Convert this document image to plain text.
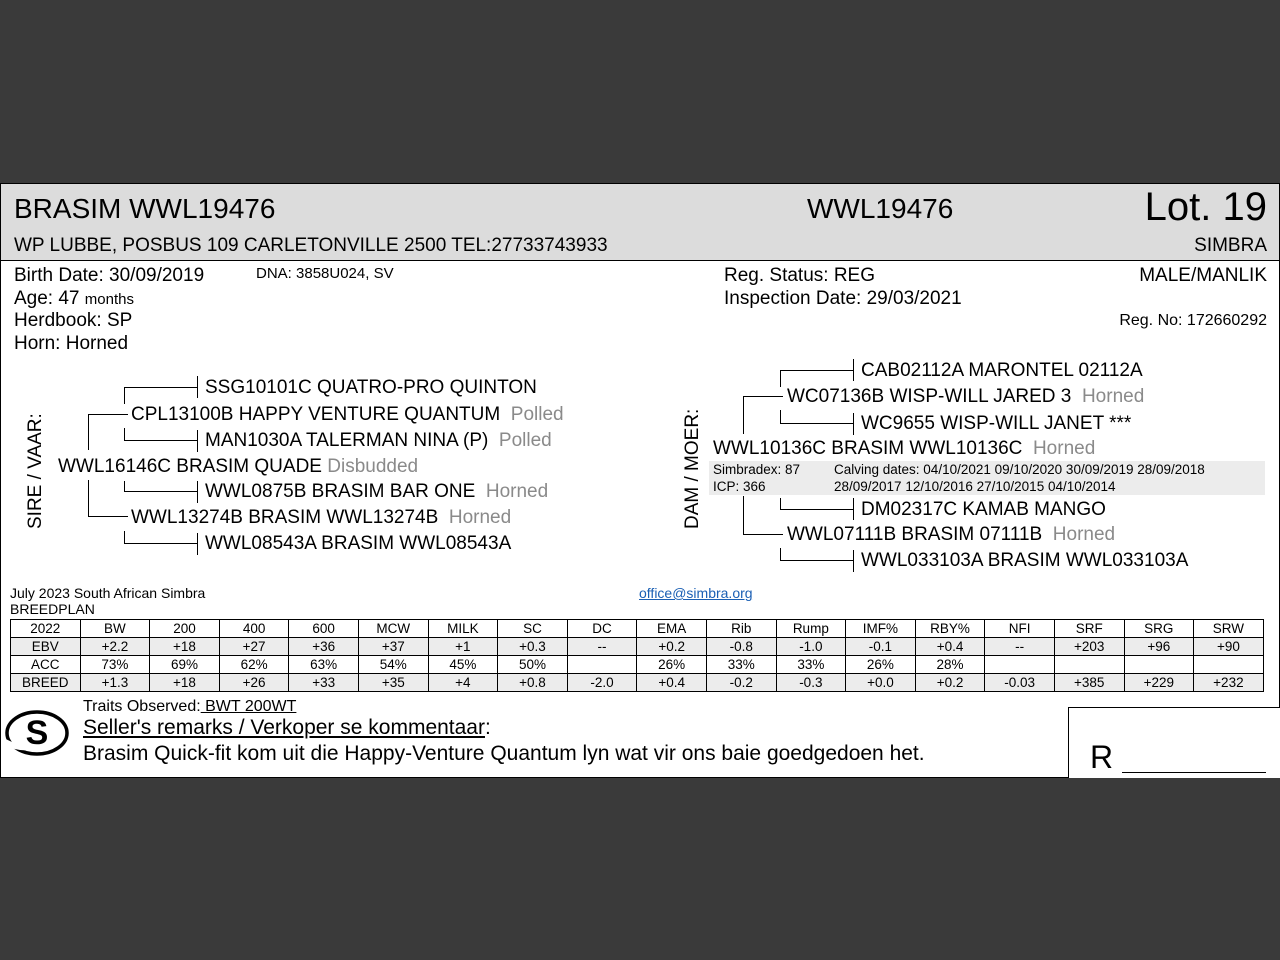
BRASIM WWL19476	WWL19476	Lot. 19
WP LUBBE, POSBUS 109 CARLETONVILLE 2500 TEL:27733743933	SIMBRA
Birth Date: 30/09/2019	DNA: 3858U024, SV
Age: 47 months
Herdbook: SP
Horn: Horned
Reg. Status: REG
Inspection Date: 29/03/2021
MALE/MANLIK
Reg. No: 172660292
SIRE / VAAR:
SSG10101C QUATRO-PRO QUINTON
CPL13100B HAPPY VENTURE QUANTUM Polled
MAN1030A TALERMAN NINA (P) Polled
WWL16146C BRASIM QUADE Disbudded
WWL0875B BRASIM BAR ONE Horned
WWL13274B BRASIM WWL13274B Horned
WWL08543A BRASIM WWL08543A
DAM / MOER:
CAB02112A MARONTEL 02112A
WC07136B WISP-WILL JARED 3 Horned
WC9655 WISP-WILL JANET ***
WWL10136C BRASIM WWL10136C Horned
Simbradex: 87
ICP: 366
Calving dates: 04/10/2021 09/10/2020 30/09/2019 28/09/2018
28/09/2017 12/10/2016 27/10/2015 04/10/2014
DM02317C KAMAB MANGO
WWL07111B BRASIM 07111B Horned
WWL033103A BRASIM WWL033103A
July 2023 South African Simbra
BREEDPLAN
office@simbra.org
2022	BW	200	400	600	MCW	MILK	SC	DC	EMA	Rib	Rump	IMF%	RBY%	NFI	SRF	SRG	SRW
EBV	+2.2	+18	+27	+36	+37	+1	+0.3	--	+0.2	-0.8	-1.0	-0.1	+0.4	--	+203	+96	+90
ACC	73%	69%	62%	63%	54%	45%	50%		26%	33%	33%	26%	28%				
BREED	+1.3	+18	+26	+33	+35	+4	+0.8	-2.0	+0.4	-0.2	-0.3	+0.0	+0.2	-0.03	+385	+229	+232
S
Traits Observed: BWT 200WT
Seller's remarks / Verkoper se kommentaar:
Brasim Quick-fit kom uit die Happy-Venture Quantum lyn wat vir ons baie goedgedoen het.	R
